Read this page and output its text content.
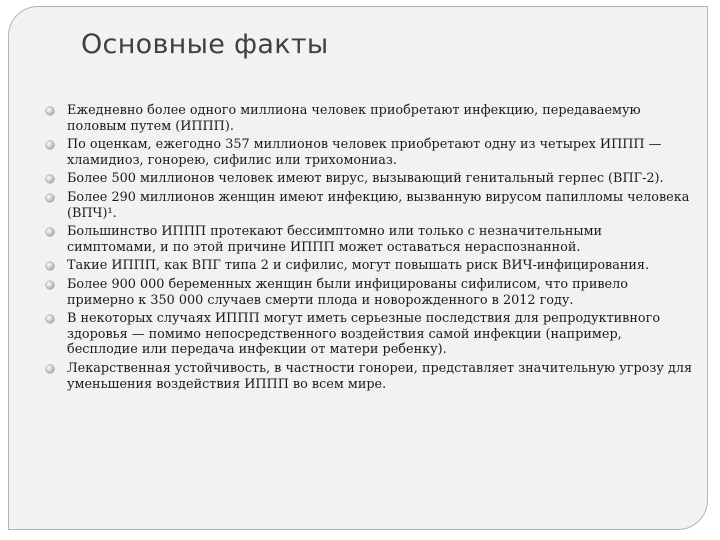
Основные факты
Ежедневно более одного миллиона человек приобретают инфекцию, передаваемую половым путем (ИППП).
По оценкам, ежегодно 357 миллионов человек приобретают одну из четырех ИППП — хламидиоз, гонорею, сифилис или трихомониаз.
Более 500 миллионов человек имеют вирус, вызывающий генитальный герпес (ВПГ-2).
Более 290 миллионов женщин имеют инфекцию, вызванную вирусом папилломы человека (ВПЧ)¹.
Большинство ИППП протекают бессимптомно или только с незначительными симптомами, и по этой причине ИППП может оставаться нераспознанной.
Такие ИППП, как ВПГ типа 2 и сифилис, могут повышать риск ВИЧ-инфицирования.
Более 900 000 беременных женщин были инфицированы сифилисом, что привело примерно к 350 000 случаев смерти плода и новорожденного в 2012 году.
В некоторых случаях ИППП могут иметь серьезные последствия для репродуктивного здоровья — помимо непосредственного воздействия самой инфекции (например, бесплодие или передача инфекции от матери ребенку).
Лекарственная устойчивость, в частности гонореи, представляет значительную угрозу для уменьшения воздействия ИППП во всем мире.
